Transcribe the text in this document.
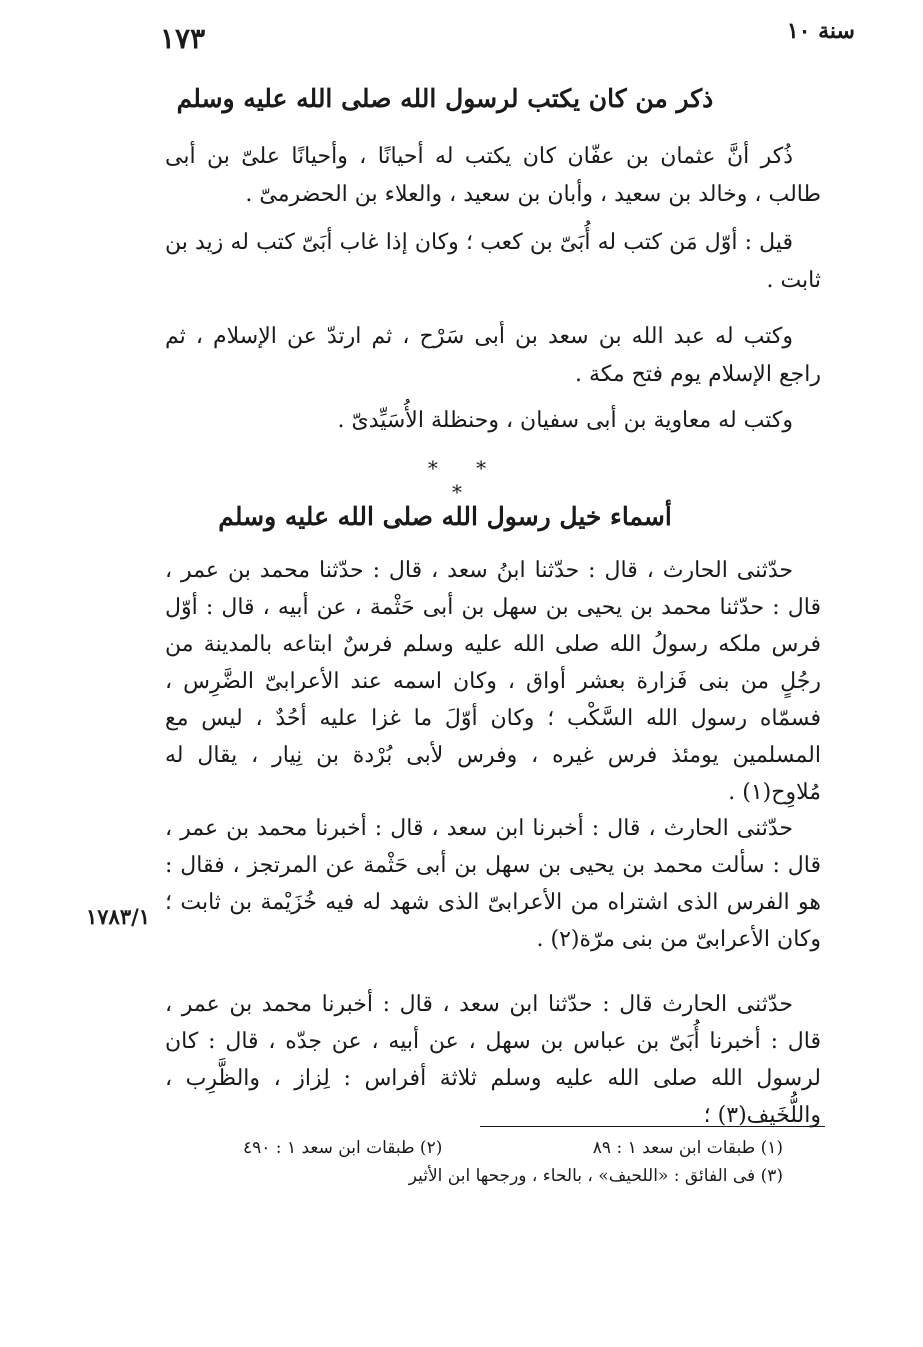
سنة ١٠
١٧٣
ذكر من كان يكتب لرسول الله صلى الله عليه وسلم

ذُكر أنَّ عثمان بن عفّان كان يكتب له أحيانًا ، وأحيانًا علىّ بن أبى طالب ، وخالد بن سعيد ، وأبان بن سعيد ، والعلاء بن الحضرمىّ .

قيل : أوّل مَن كتب له أُبَىّ بن كعب ؛ وكان إذا غاب أبَىّ كتب له زيد بن ثابت .

وكتب له عبد الله بن سعد بن أبى سَرْح ، ثم ارتدّ عن الإسلام ، ثم راجع الإسلام يوم فتح مكة .

وكتب له معاوية بن أبى سفيان ، وحنظلة الأُسَيِّدىّ .

* * *
أسماء خيل رسول الله صلى الله عليه وسلم

حدّثنى الحارث ، قال : حدّثنا ابنُ سعد ، قال : حدّثنا محمد بن عمر ، قال : حدّثنا محمد بن يحيى بن سهل بن أبى حَثْمة ، عن أبيه ، قال : أوّل فرس ملكه رسولُ الله صلى الله عليه وسلم فرسٌ ابتاعه بالمدينة من رجُلٍ من بنى فَزارة بعشر أواق ، وكان اسمه عند الأعرابىّ الضَّرِس ، فسمّاه رسول الله السَّكْب ؛ وكان أوّلَ ما غزا عليه أحُدٌ ، ليس مع المسلمين يومئذ فرس غيره ، وفرس لأبى بُرْدة بن نِيار ، يقال له مُلاوِح(١) .

حدّثنى الحارث ، قال : أخبرنا ابن سعد ، قال : أخبرنا محمد بن عمر ، قال : سألت محمد بن يحيى بن سهل بن أبى حَثْمة عن المرتجز ، فقال : هو الفرس الذى اشتراه من الأعرابىّ الذى شهد له فيه خُزَيْمة بن ثابت ؛ وكان الأعرابىّ من بنى مرّة(٢) .

حدّثنى الحارث قال : حدّثنا ابن سعد ، قال : أخبرنا محمد بن عمر ، قال : أخبرنا أُبَىّ بن عباس بن سهل ، عن أبيه ، عن جدّه ، قال : كان لرسول الله صلى الله عليه وسلم ثلاثة أفراس : لِزاز ، والظَّرِب ، واللُّخَيف(٣) ؛

١٧٨٣/١
(١) طبقات ابن سعد ١ : ٨٩
(٢) طبقات ابن سعد ١ : ٤٩٠
(٣) فى الفائق : «اللحيف» ، بالحاء ، ورجحها ابن الأثير
